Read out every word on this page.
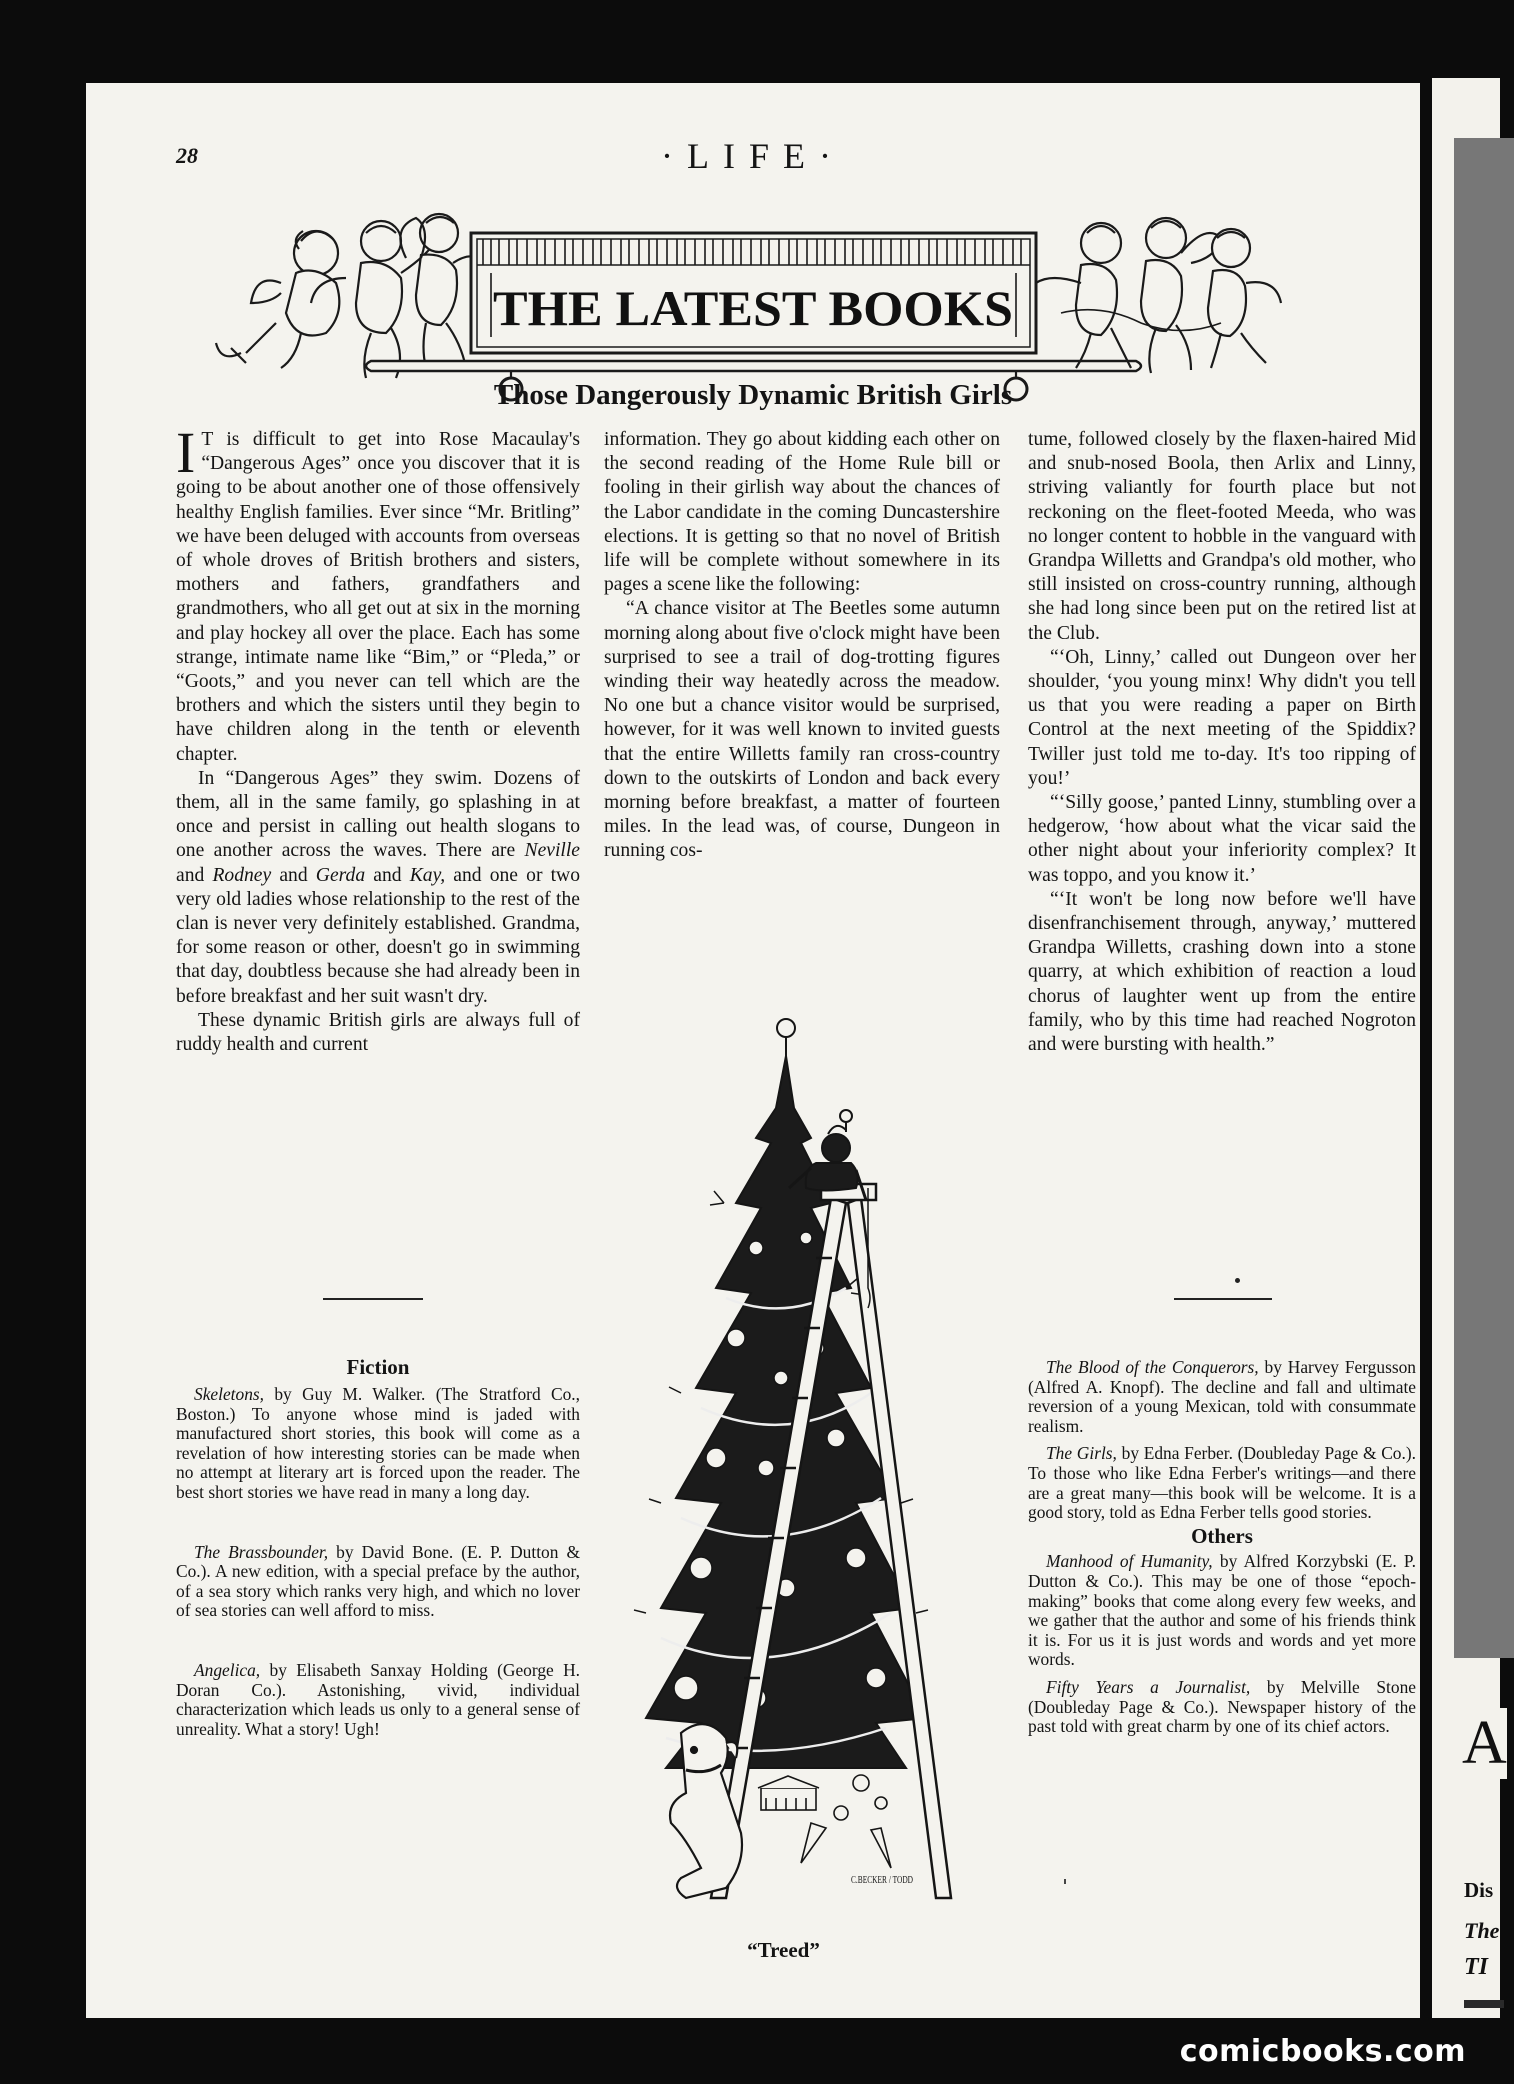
28	·LIFE·
THE LATEST BOOKS
Those Dangerously Dynamic British Girls

I T is difficult to get into Rose Macaulay's “Dangerous Ages” once you discover that it is going to be about another one of those offensively healthy English families. Ever since “Mr. Britling” we have been deluged with accounts from overseas of whole droves of British brothers and sisters, mothers and fathers, grandfathers and grandmothers, who all get out at six in the morning and play hockey all over the place. Each has some strange, intimate name like “Bim,” or “Pleda,” or “Goots,” and you never can tell which are the brothers and which the sisters until they begin to have children along in the tenth or eleventh chapter.

In “Dangerous Ages” they swim. Dozens of them, all in the same family, go splashing in at once and persist in calling out health slogans to one another across the waves. There are Neville and Rodney and Gerda and Kay, and one or two very old ladies whose relationship to the rest of the clan is never very definitely established. Grandma, for some reason or other, doesn't go in swimming that day, doubtless because she had already been in before breakfast and her suit wasn't dry.

These dynamic British girls are always full of ruddy health and current

information. They go about kidding each other on the second reading of the Home Rule bill or fooling in their girlish way about the chances of the Labor candidate in the coming Duncastershire elections. It is getting so that no novel of British life will be complete without somewhere in its pages a scene like the following:

“A chance visitor at The Beetles some autumn morning along about five o'clock might have been surprised to see a trail of dog-trotting figures winding their way heatedly across the meadow. No one but a chance visitor would be surprised, however, for it was well known to invited guests that the entire Willetts family ran cross-country down to the outskirts of London and back every morning before breakfast, a matter of fourteen miles. In the lead was, of course, Dungeon in running cos-

tume, followed closely by the flaxen-haired Mid and snub-nosed Boola, then Arlix and Linny, striving valiantly for fourth place but not reckoning on the fleet-footed Meeda, who was no longer content to hobble in the vanguard with Grandpa Willetts and Grandpa's old mother, who still insisted on cross-country running, although she had long since been put on the retired list at the Club.

“‘Oh, Linny,’ called out Dungeon over her shoulder, ‘you young minx! Why didn't you tell us that you were reading a paper on Birth Control at the next meeting of the Spiddix? Twiller just told me to-day. It's too ripping of you!’

“‘Silly goose,’ panted Linny, stumbling over a hedgerow, ‘how about what the vicar said the other night about your inferiority complex? It was toppo, and you know it.’

“‘It won't be long now before we'll have disenfranchisement through, anyway,’ muttered Grandpa Willetts, crashing down into a stone quarry, at which exhibition of reaction a loud chorus of laughter went up from the entire family, who by this time had reached Nogroton and were bursting with health.”

Fiction

Skeletons, by Guy M. Walker. (The Stratford Co., Boston.) To anyone whose mind is jaded with manufactured short stories, this book will come as a revelation of how interesting stories can be made when no attempt at literary art is forced upon the reader. The best short stories we have read in many a long day.

The Brassbounder, by David Bone. (E. P. Dutton & Co.). A new edition, with a special preface by the author, of a sea story which ranks very high, and which no lover of sea stories can well afford to miss.

Angelica, by Elisabeth Sanxay Holding (George H. Doran Co.). Astonishing, vivid, individual characterization which leads us only to a general sense of unreality. What a story! Ugh!

The Blood of the Conquerors, by Harvey Fergusson (Alfred A. Knopf). The decline and fall and ultimate reversion of a young Mexican, told with consummate realism.

The Girls, by Edna Ferber. (Doubleday Page & Co.). To those who like Edna Ferber's writings—and there are a great many—this book will be welcome. It is a good story, told as Edna Ferber tells good stories.

Others

Manhood of Humanity, by Alfred Korzybski (E. P. Dutton & Co.). This may be one of those “epoch-making” books that come along every few weeks, and we gather that the author and some of his friends think it is. For us it is just words and words and yet more words.

Fifty Years a Journalist, by Melville Stone (Doubleday Page & Co.). Newspaper history of the past told with great charm by one of its chief actors.

C.BECKER / TODD
“Treed”
A
Dis
The
TI
comicbooks.com
